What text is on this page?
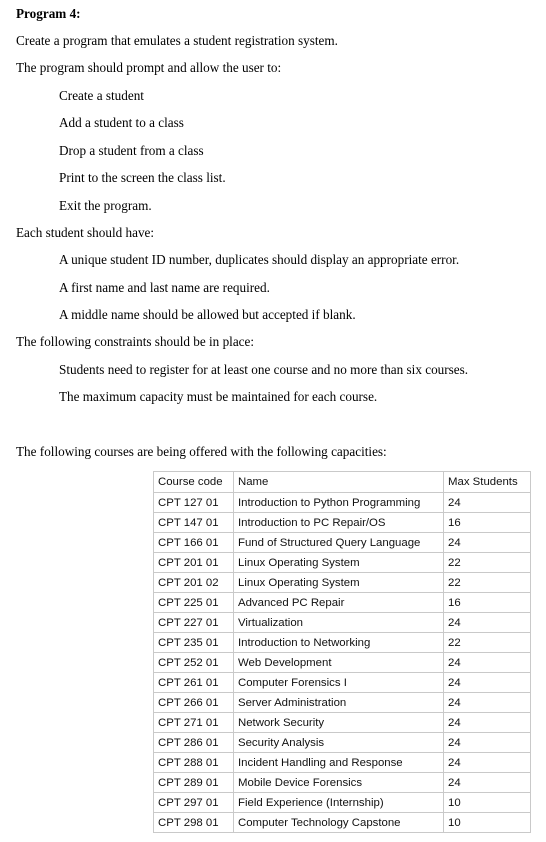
Program 4:
Create a program that emulates a student registration system.
The program should prompt and allow the user to:
Create a student
Add a student to a class
Drop a student from a class
Print to the screen the class list.
Exit the program.
Each student should have:
A unique student ID number, duplicates should display an appropriate error.
A first name and last name are required.
A middle name should be allowed but accepted if blank.
The following constraints should be in place:
Students need to register for at least one course and no more than six courses.
The maximum capacity must be maintained for each course.
The following courses are being offered with the following capacities:
Course code	Name	Max Students
CPT 127 01	Introduction to Python Programming	24
CPT 147 01	Introduction to PC Repair/OS	16
CPT 166 01	Fund of Structured Query Language	24
CPT 201 01	Linux Operating System	22
CPT 201 02	Linux Operating System	22
CPT 225 01	Advanced PC Repair	16
CPT 227 01	Virtualization	24
CPT 235 01	Introduction to Networking	22
CPT 252 01	Web Development	24
CPT 261 01	Computer Forensics I	24
CPT 266 01	Server Administration	24
CPT 271 01	Network Security	24
CPT 286 01	Security Analysis	24
CPT 288 01	Incident Handling and Response	24
CPT 289 01	Mobile Device Forensics	24
CPT 297 01	Field Experience (Internship)	10
CPT 298 01	Computer Technology Capstone	10
